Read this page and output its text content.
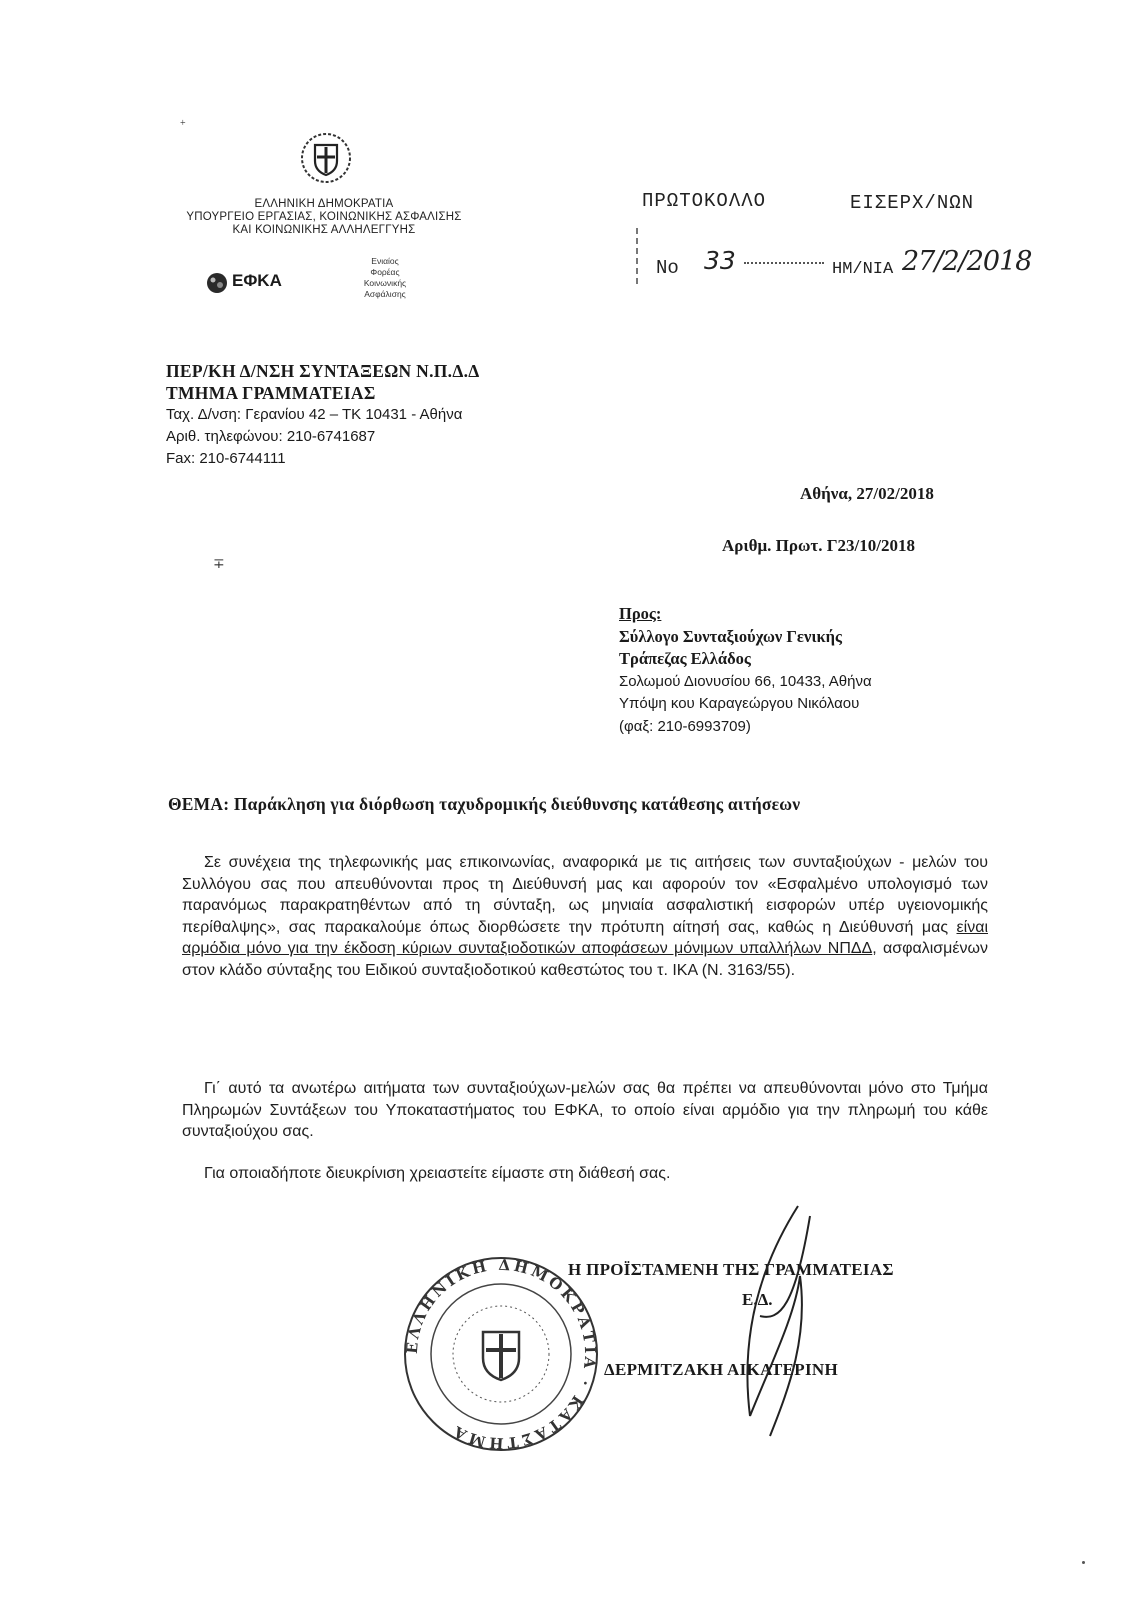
+
ΕΛΛΗΝΙΚΗ ΔΗΜΟΚΡΑΤΙΑ
ΥΠΟΥΡΓΕΙΟ ΕΡΓΑΣΙΑΣ, ΚΟΙΝΩΝΙΚΗΣ ΑΣΦΑΛΙΣΗΣ
ΚΑΙ ΚΟΙΝΩΝΙΚΗΣ ΑΛΛΗΛΕΓΓΥΗΣ
ΕΦΚΑ
Ενιαίος
Φορέας
Κοινωνικής
Ασφάλισης
ΠΡΩΤΟΚΟΛΛΟ	ΕΙΣΕΡΧ/ΝΩΝ
No 33	ΗΜ/ΝΙΑ 27/2/2018
ΠΕΡ/ΚΗ Δ/ΝΣΗ ΣΥΝΤΑΞΕΩΝ Ν.Π.Δ.Δ
ΤΜΗΜΑ ΓΡΑΜΜΑΤΕΙΑΣ
Ταχ. Δ/νση: Γερανίου 42 – ΤΚ 10431 - Αθήνα
Αριθ. τηλεφώνου: 210-6741687
Fax: 210-6744111
Αθήνα, 27/02/2018
Αριθμ. Πρωτ. Γ23/10/2018
∓
Προς:
Σύλλογο Συνταξιούχων Γενικής
Τράπεζας Ελλάδος
Σολωμού Διονυσίου 66, 10433, Αθήνα
Υπόψη κου Καραγεώργου Νικόλαου
(φαξ: 210-6993709)
ΘΕΜΑ: Παράκληση για διόρθωση ταχυδρομικής διεύθυνσης κατάθεσης αιτήσεων
Σε συνέχεια της τηλεφωνικής μας επικοινωνίας, αναφορικά με τις αιτήσεις των συνταξιούχων - μελών του Συλλόγου σας που απευθύνονται προς τη Διεύθυνσή μας και αφορούν τον «Εσφαλμένο υπολογισμό των παρανόμως παρακρατηθέντων από τη σύνταξη, ως μηνιαία ασφαλιστική εισφορών υπέρ υγειονομικής περίθαλψης», σας παρακαλούμε όπως διορθώσετε την πρότυπη αίτησή σας, καθώς η Διεύθυνσή μας είναι αρμόδια μόνο για την έκδοση κύριων συνταξιοδοτικών αποφάσεων μόνιμων υπαλλήλων ΝΠΔΔ, ασφαλισμένων στον κλάδο σύνταξης του Ειδικού συνταξιοδοτικού καθεστώτος του τ. ΙΚΑ (Ν. 3163/55).
Γι΄ αυτό τα ανωτέρω αιτήματα των συνταξιούχων-μελών σας θα πρέπει να απευθύνονται μόνο στο Τμήμα Πληρωμών Συντάξεων του Υποκαταστήματος του ΕΦΚΑ, το οποίο είναι αρμόδιο για την πληρωμή του κάθε συνταξιούχου σας.
Για οποιαδήποτε διευκρίνιση χρειαστείτε είμαστε στη διάθεσή σας.
ΕΛΛΗΝΙΚΗ ΔΗΜΟΚΡΑΤΙΑ · ΚΑΤΑΣΤΗΜΑ
Η ΠΡΟΪΣΤΑΜΕΝΗ ΤΗΣ ΓΡΑΜΜΑΤΕΙΑΣ
Ε.Δ.
ΔΕΡΜΙΤΖΑΚΗ ΑΙΚΑΤΕΡΙΝΗ
